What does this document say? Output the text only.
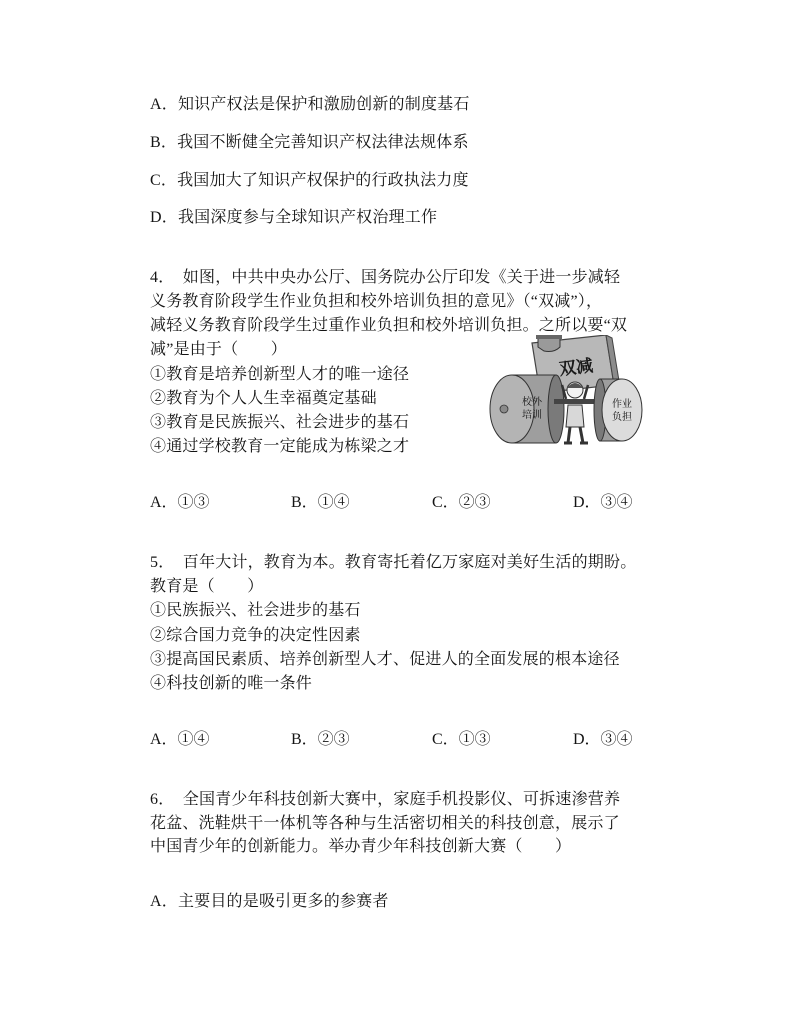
A．知识产权法是保护和激励创新的制度基石
B．我国不断健全完善知识产权法律法规体系
C．我国加大了知识产权保护的行政执法力度
D．我国深度参与全球知识产权治理工作
4．  如图，中共中央办公厅、国务院办公厅印发《关于进一步减轻
义务教育阶段学生作业负担和校外培训负担的意见》（“双减”），
减轻义务教育阶段学生过重作业负担和校外培训负担。之所以要“双
减”是由于（　　）
①教育是培养创新型人才的唯一途径
②教育为个人人生幸福奠定基础
③教育是民族振兴、社会进步的基石
④通过学校教育一定能成为栋梁之才
双减
校外
培训
作业
负担
A．①③	B．①④	C．②③	D．③④
5．  百年大计，教育为本。教育寄托着亿万家庭对美好生活的期盼。
教育是（　　）
①民族振兴、社会进步的基石
②综合国力竞争的决定性因素
③提高国民素质、培养创新型人才、促进人的全面发展的根本途径
④科技创新的唯一条件
A．①④	B．②③	C．①③	D．③④
6．  全国青少年科技创新大赛中，家庭手机投影仪、可拆速渗营养
花盆、洗鞋烘干一体机等各种与生活密切相关的科技创意，展示了
中国青少年的创新能力。举办青少年科技创新大赛（　　）
A．主要目的是吸引更多的参赛者
